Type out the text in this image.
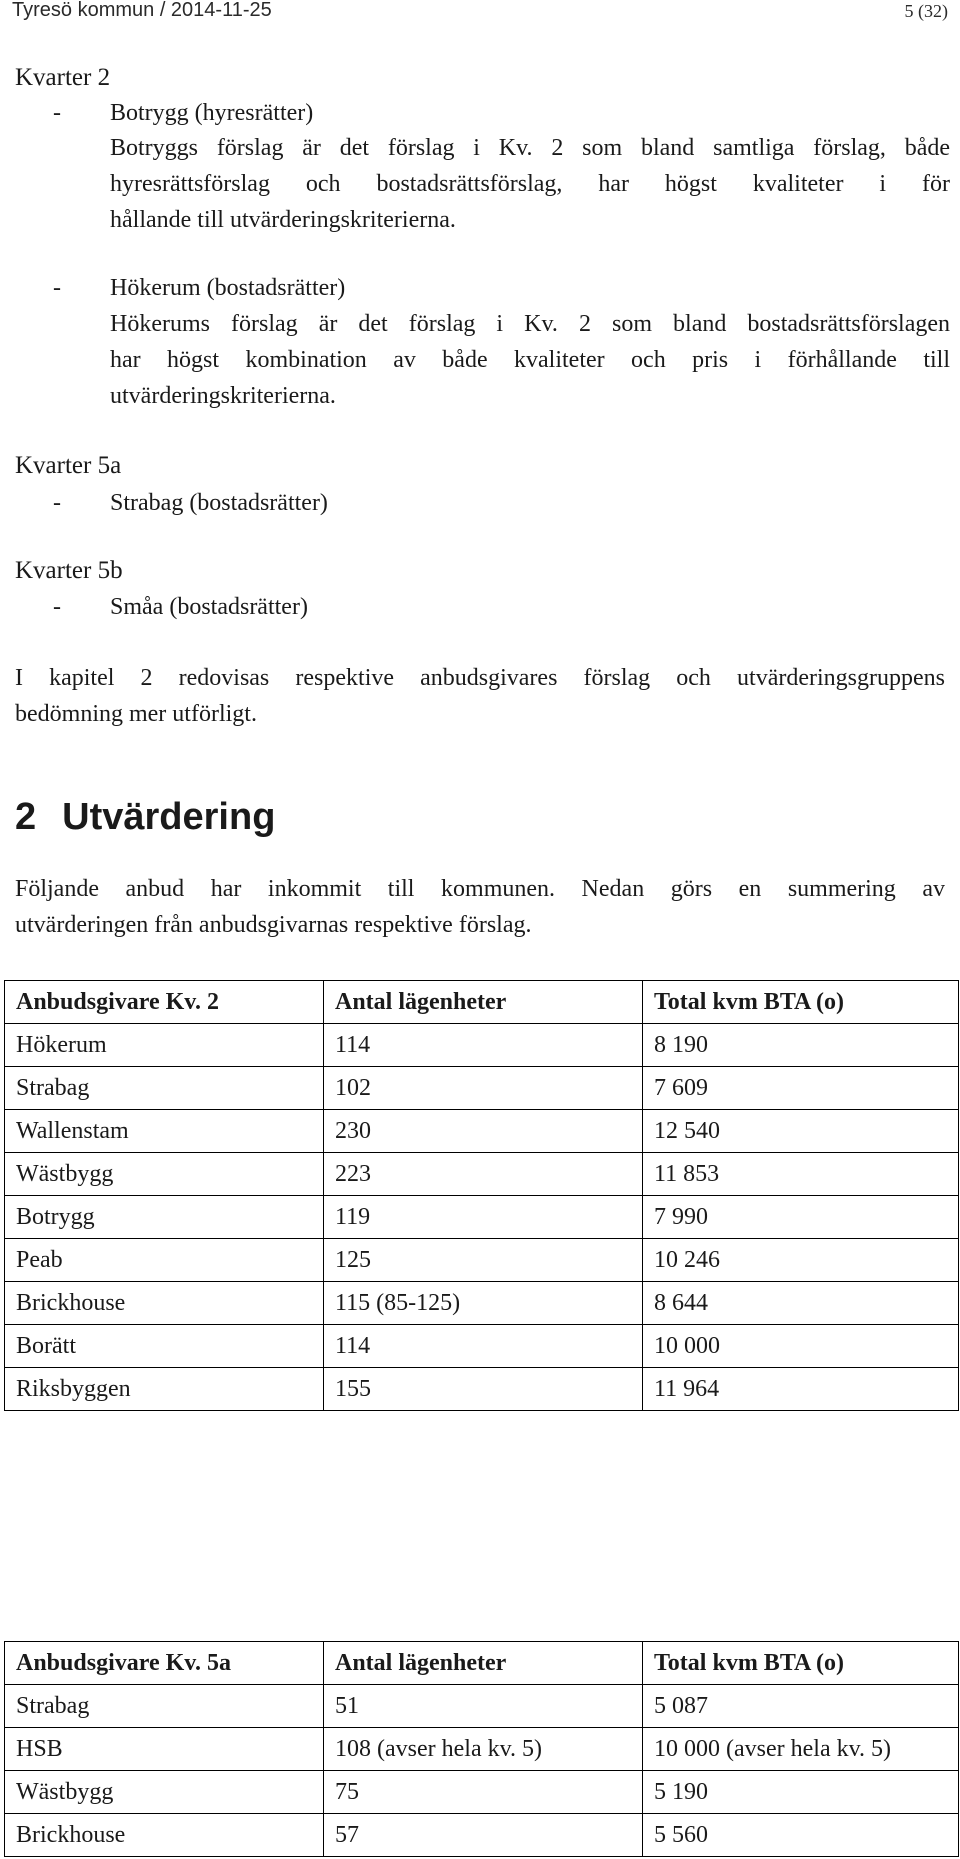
Tyresö kommun / 2014-11-25	5 (32)
Kvarter 2
- Botrygg (hyresrätter)
Botryggs förslag är det förslag i Kv. 2 som bland samtliga förslag, både
hyresrättsförslag och bostadsrättsförslag, har högst kvaliteter i för
hållande till utvärderingskriterierna.
- Hökerum (bostadsrätter)
Hökerums förslag är det förslag i Kv. 2 som bland bostadsrättsförslagen
har högst kombination av både kvaliteter och pris i förhållande till
utvärderingskriterierna.
Kvarter 5a
- Strabag (bostadsrätter)
Kvarter 5b
- Småa (bostadsrätter)
I kapitel 2 redovisas respektive anbudsgivares förslag och utvärderingsgruppens
bedömning mer utförligt.
2 Utvärdering
Följande anbud har inkommit till kommunen. Nedan görs en summering av
utvärderingen från anbudsgivarnas respektive förslag.
Anbudsgivare Kv. 2	Antal lägenheter	Total kvm BTA (o)
Hökerum	114	8 190
Strabag	102	7 609
Wallenstam	230	12 540
Wästbygg	223	11 853
Botrygg	119	7 990
Peab	125	10 246
Brickhouse	115 (85-125)	8 644
Borätt	114	10 000
Riksbyggen	155	11 964
Anbudsgivare Kv. 5a	Antal lägenheter	Total kvm BTA (o)
Strabag	51	5 087
HSB	108 (avser hela kv. 5)	10 000 (avser hela kv. 5)
Wästbygg	75	5 190
Brickhouse	57	5 560
